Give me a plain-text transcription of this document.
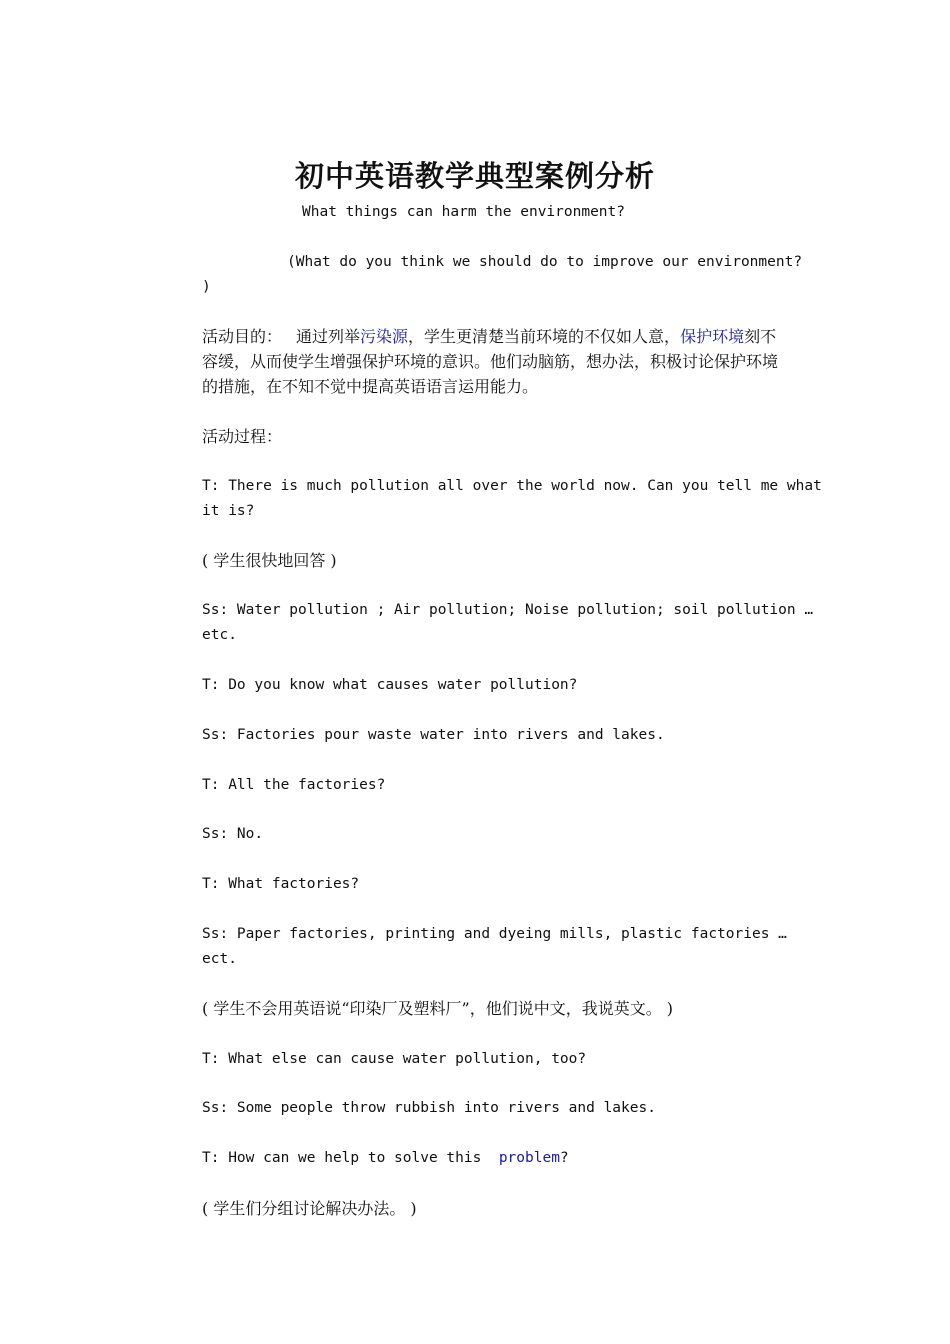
初中英语教学典型案例分析
What things can harm the environment?
(What do you think we should do to improve our environment?
)
活动目的： 通过列举污染源，学生更清楚当前环境的不仅如人意，保护环境刻不
容缓，从而使学生增强保护环境的意识。他们动脑筋，想办法，积极讨论保护环境
的措施，在不知不觉中提高英语语言运用能力。
活动过程：
T: There is much pollution all over the world now. Can you tell me what
it is?
( 学生很快地回答 )
Ss: Water pollution ; Air pollution; Noise pollution; soil pollution …
etc.
T: Do you know what causes water pollution?
Ss: Factories pour waste water into rivers and lakes.
T: All the factories?
Ss: No.
T: What factories?
Ss: Paper factories, printing and dyeing mills, plastic factories …
ect.
( 学生不会用英语说“印染厂及塑料厂”，他们说中文，我说英文。 )
T: What else can cause water pollution, too?
Ss: Some people throw rubbish into rivers and lakes.
T: How can we help to solve this  problem?
( 学生们分组讨论解决办法。 )
